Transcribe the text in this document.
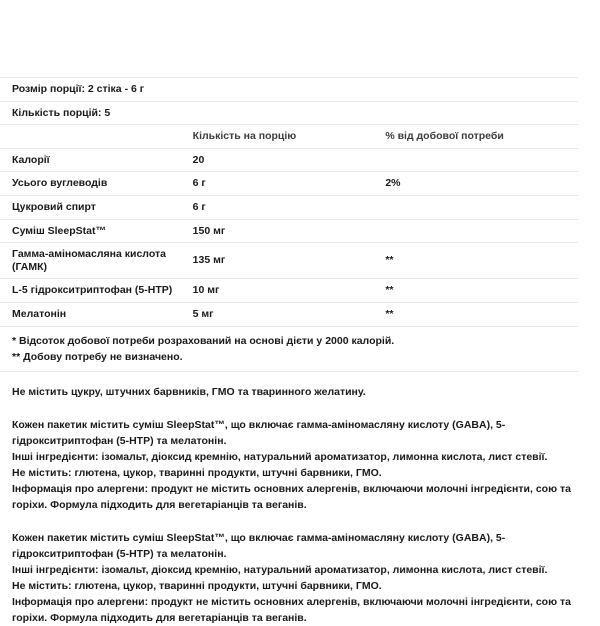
Розмір порції: 2 стіка - 6 г		
Кількість порцій: 5		
	Кількість на порцію	% від добової потреби
Калорії	20	
Усього вуглеводів	6 г	2%
Цукровий спирт	6 г	
Суміш SleepStat™	150 мг	
Гамма-аміномасляна кислота (ГАМК)	135 мг	**
L-5 гідрокситриптофан (5-HTP)	10 мг	**
Мелатонін	5 мг	**
* Відсоток добової потреби розрахований на основі дієти у 2000 калорій.
** Добову потребу не визначено.

Не містить цукру, штучних барвників, ГМО та тваринного желатину.

Кожен пакетик містить суміш SleepStat™, що включає гамма-аміномасляну кислоту (GABA), 5-гідрокситриптофан (5-HTP) та мелатонін.

Інші інгредієнти: ізомальт, діоксид кремнію, натуральний ароматизатор, лимонна кислота, лист стевії.

Не містить: глютена, цукор, тваринні продукти, штучні барвники, ГМО.

Інформація про алергени: продукт не містить основних алергенів, включаючи молочні інгредієнти, сою та горіхи. Формула підходить для вегетаріанців та веганів.

Кожен пакетик містить суміш SleepStat™, що включає гамма-аміномасляну кислоту (GABA), 5-гідрокситриптофан (5-HTP) та мелатонін.

Інші інгредієнти: ізомальт, діоксид кремнію, натуральний ароматизатор, лимонна кислота, лист стевії.

Не містить: глютена, цукор, тваринні продукти, штучні барвники, ГМО.

Інформація про алергени: продукт не містить основних алергенів, включаючи молочні інгредієнти, сою та горіхи. Формула підходить для вегетаріанців та веганів.
